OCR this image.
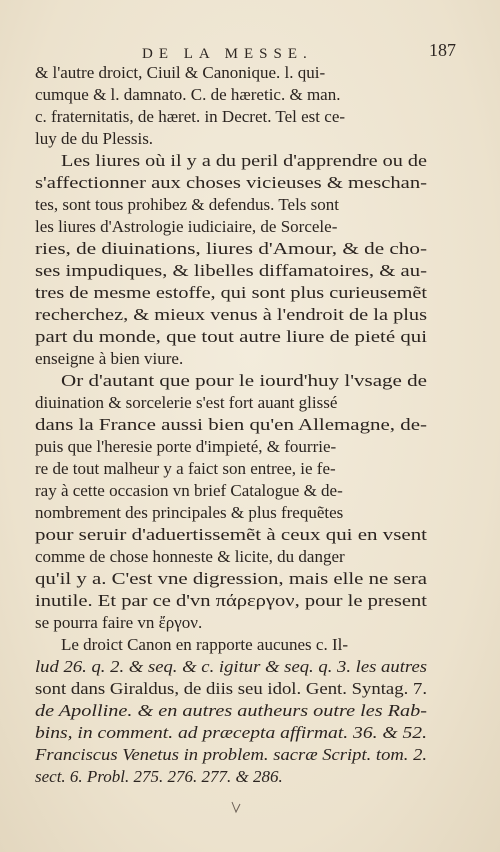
DE LA MESSE.	187
& l'autre droict, Ciuil & Canonique. l. qui-
cumque & l. damnato. C. de hæretic. & man.
c. fraternitatis, de hæret. in Decret. Tel est ce-
luy de du Plessis.
Les liures où il y a du peril d'apprendre ou de
s'affectionner aux choses vicieuses & meschan-
tes, sont tous prohibez & defendus. Tels sont
les liures d'Astrologie iudiciaire, de Sorcele-
ries, de diuinations, liures d'Amour, & de cho-
ses impudiques, & libelles diffamatoires, & au-
tres de mesme estoffe, qui sont plus curieusemẽt
recherchez, & mieux venus à l'endroit de la plus
part du monde, que tout autre liure de pieté qui
enseigne à bien viure.
Or d'autant que pour le iourd'huy l'vsage de
diuination & sorcelerie s'est fort auant glissé
dans la France aussi bien qu'en Allemagne, de-
puis que l'heresie porte d'impieté, & fourrie-
re de tout malheur y a faict son entree, ie fe-
ray à cette occasion vn brief Catalogue & de-
nombrement des principales & plus frequẽtes
pour seruir d'aduertissemẽt à ceux qui en vsent
comme de chose honneste & licite, du danger
qu'il y a. C'est vne digression, mais elle ne sera
inutile. Et par ce d'vn πάρεργον, pour le present
se pourra faire vn ἔργον.
Le droict Canon en rapporte aucunes c. Il-
lud 26. q. 2. & seq. & c. igitur & seq. q. 3. les autres
sont dans Giraldus, de diis seu idol. Gent. Syntag. 7.
de Apolline. & en autres autheurs outre les Rab-
bins, in comment. ad præcepta affirmat. 36. & 52.
Franciscus Venetus in problem. sacræ Script. tom. 2.
sect. 6. Probl. 275. 276. 277. & 286.
